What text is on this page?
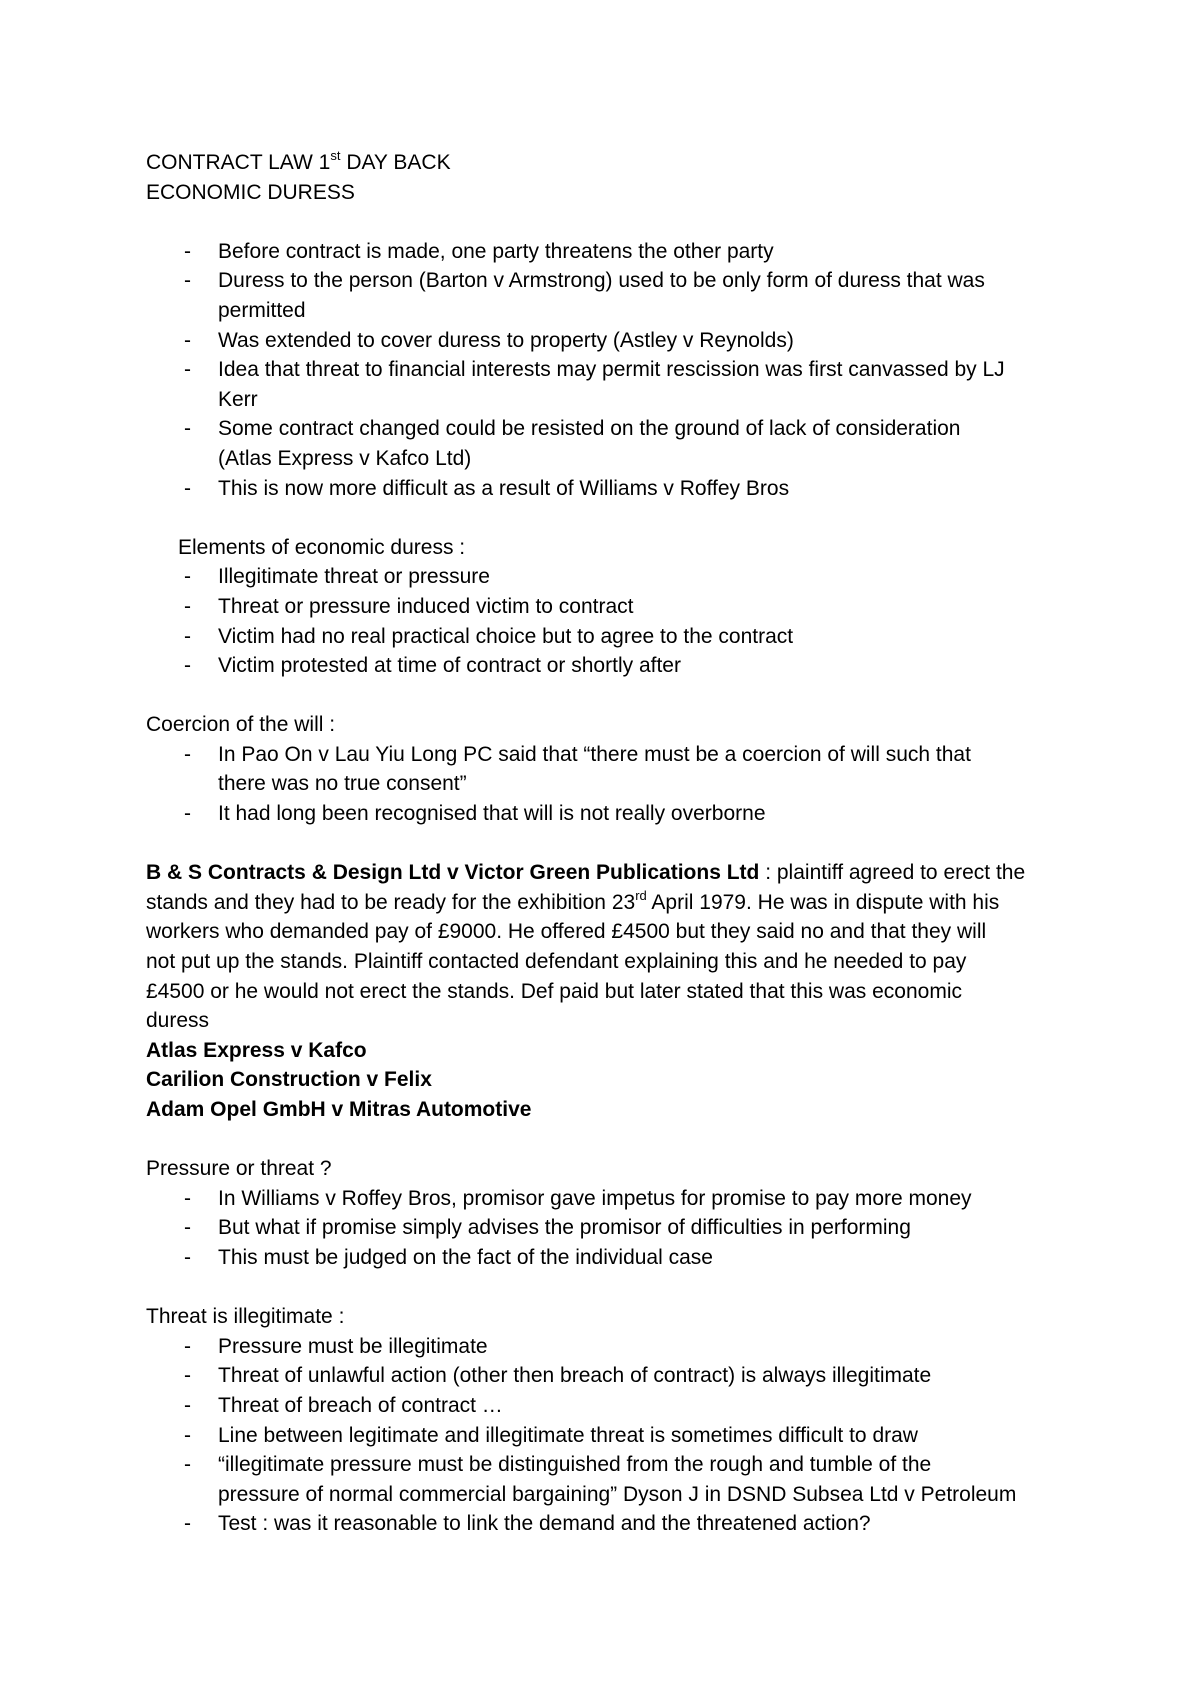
CONTRACT LAW 1st DAY BACK

ECONOMIC DURESS

- Before contract is made, one party threatens the other party
- Duress to the person (Barton v Armstrong) used to be only form of duress that was
permitted
- Was extended to cover duress to property (Astley v Reynolds)
- Idea that threat to financial interests may permit rescission was first canvassed by LJ
Kerr
- Some contract changed could be resisted on the ground of lack of consideration
(Atlas Express v Kafco Ltd)
- This is now more difficult as a result of Williams v Roffey Bros

Elements of economic duress :

- Illegitimate threat or pressure
- Threat or pressure induced victim to contract
- Victim had no real practical choice but to agree to the contract
- Victim protested at time of contract or shortly after

Coercion of the will :

- In Pao On v Lau Yiu Long PC said that “there must be a coercion of will such that
there was no true consent”
- It had long been recognised that will is not really overborne

B & S Contracts & Design Ltd v Victor Green Publications Ltd : plaintiff agreed to erect the

stands and they had to be ready for the exhibition 23rd April 1979. He was in dispute with his

workers who demanded pay of £9000. He offered £4500 but they said no and that they will

not put up the stands. Plaintiff contacted defendant explaining this and he needed to pay

£4500 or he would not erect the stands. Def paid but later stated that this was economic

duress

Atlas Express v Kafco

Carilion Construction v Felix

Adam Opel GmbH v Mitras Automotive

Pressure or threat ?

- In Williams v Roffey Bros, promisor gave impetus for promise to pay more money
- But what if promise simply advises the promisor of difficulties in performing
- This must be judged on the fact of the individual case

Threat is illegitimate :

- Pressure must be illegitimate
- Threat of unlawful action (other then breach of contract) is always illegitimate
- Threat of breach of contract …
- Line between legitimate and illegitimate threat is sometimes difficult to draw
- “illegitimate pressure must be distinguished from the rough and tumble of the
pressure of normal commercial bargaining” Dyson J in DSND Subsea Ltd v Petroleum
- Test : was it reasonable to link the demand and the threatened action?
